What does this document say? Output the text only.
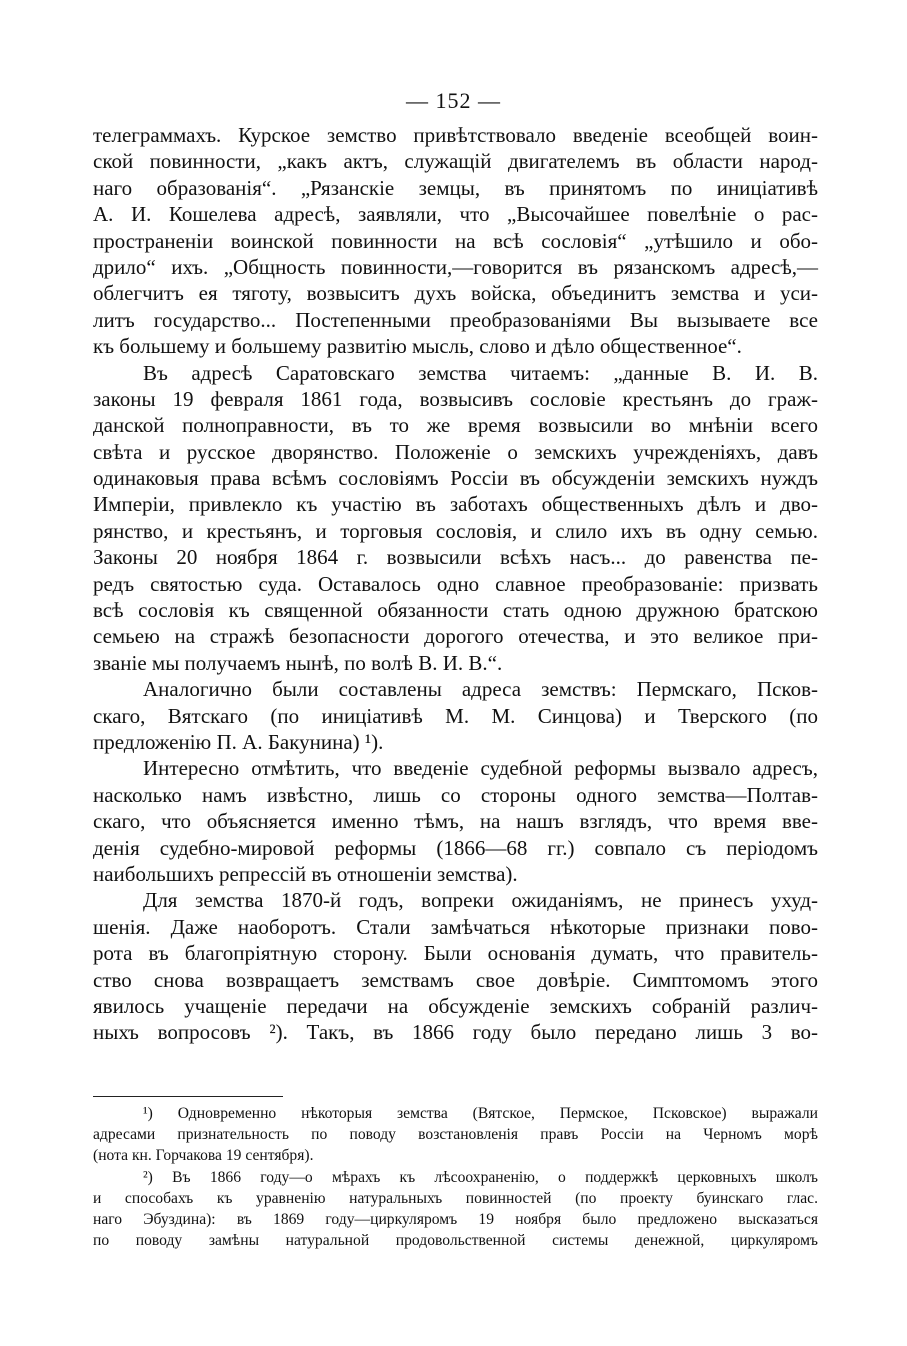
— 152 —
телеграммахъ. Курское земство привѣтствовало введеніе всеобщей воин-
ской повинности, „какъ актъ, служащій двигателемъ въ области народ-
наго образованія“. „Рязанскіе земцы, въ принятомъ по иниціативѣ
А. И. Кошелева адресѣ, заявляли, что „Высочайшее повелѣніе о рас-
пространеніи воинской повинности на всѣ сословія“ „утѣшило и обо-
дрило“ ихъ. „Общность повинности,—говорится въ рязанскомъ адресѣ,—
облегчитъ ея тяготу, возвыситъ духъ войска, объединитъ земства и уси-
литъ государство... Постепенными преобразованіями Вы вызываете все
къ большему и большему развитію мысль, слово и дѣло общественное“.
Въ адресѣ Саратовскаго земства читаемъ: „данные В. И. В.
законы 19 февраля 1861 года, возвысивъ сословіе крестьянъ до граж-
данской полноправности, въ то же время возвысили во мнѣніи всего
свѣта и русское дворянство. Положеніе о земскихъ учрежденіяхъ, давъ
одинаковыя права всѣмъ сословіямъ Россіи въ обсужденіи земскихъ нуждъ
Имперіи, привлекло къ участію въ заботахъ общественныхъ дѣлъ и дво-
рянство, и крестьянъ, и торговыя сословія, и слило ихъ въ одну семью.
Законы 20 ноября 1864 г. возвысили всѣхъ насъ... до равенства пе-
редъ святостью суда. Оставалось одно славное преобразованіе: призвать
всѣ сословія къ священной обязанности стать одною дружною братскою
семьею на стражѣ безопасности дорогого отечества, и это великое при-
званіе мы получаемъ нынѣ, по волѣ В. И. В.“.
Аналогично были составлены адреса земствъ: Пермскаго, Псков-
скаго, Вятскаго (по иниціативѣ М. М. Синцова) и Тверского (по
предложенію П. А. Бакунина) ¹).
Интересно отмѣтить, что введеніе судебной реформы вызвало адресъ,
насколько намъ извѣстно, лишь со стороны одного земства—Полтав-
скаго, что объясняется именно тѣмъ, на нашъ взглядъ, что время вве-
денія судебно-мировой реформы (1866—68 гг.) совпало съ періодомъ
наибольшихъ репрессій въ отношеніи земства).
Для земства 1870-й годъ, вопреки ожиданіямъ, не принесъ ухуд-
шенія. Даже наоборотъ. Стали замѣчаться нѣкоторые признаки пово-
рота въ благопріятную сторону. Были основанія думать, что правитель-
ство снова возвращаетъ земствамъ свое довѣріе. Симптомомъ этого
явилось учащеніе передачи на обсужденіе земскихъ собраній различ-
ныхъ вопросовъ ²). Такъ, въ 1866 году было передано лишь 3 во-
¹) Одновременно нѣкоторыя земства (Вятское, Пермское, Псковское) выражали
адресами признательность по поводу возстановленія правъ Россіи на Черномъ морѣ
(нота кн. Горчакова 19 сентября).
²) Въ 1866 году—о мѣрахъ къ лѣсоохраненію, о поддержкѣ церковныхъ школъ
и способахъ къ уравненію натуральныхъ повинностей (по проекту буинскаго глас.
наго Эбуздина): въ 1869 году—циркуляромъ 19 ноября было предложено высказаться
по поводу замѣны натуральной продовольственной системы денежной, циркуляромъ
